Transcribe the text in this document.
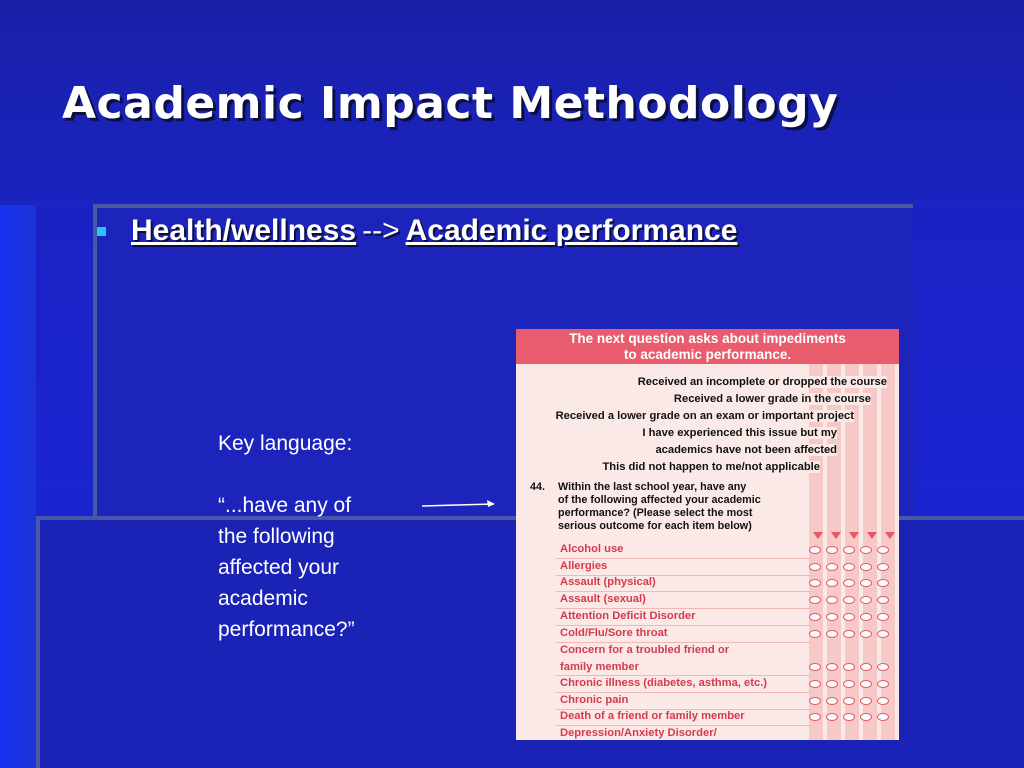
Academic Impact Methodology
Health/wellness --> Academic performance

Key language:

“...have any of

the following

affected your

academic

performance?”

The next question asks about impediments
to academic performance.
Received an incomplete or dropped the course
Received a lower grade in the course
Received a lower grade on an exam or important project
I have experienced this issue but my
academics have not been affected
This did not happen to me/not applicable
44. Within the last school year, have any
of the following affected your academic
performance? (Please select the most
serious outcome for each item below)
Alcohol use
Allergies
Assault (physical)
Assault (sexual)
Attention Deficit Disorder
Cold/Flu/Sore throat
Concern for a troubled friend or
family member
Chronic illness (diabetes, asthma, etc.)
Chronic pain
Death of a friend or family member
Depression/Anxiety Disorder/
